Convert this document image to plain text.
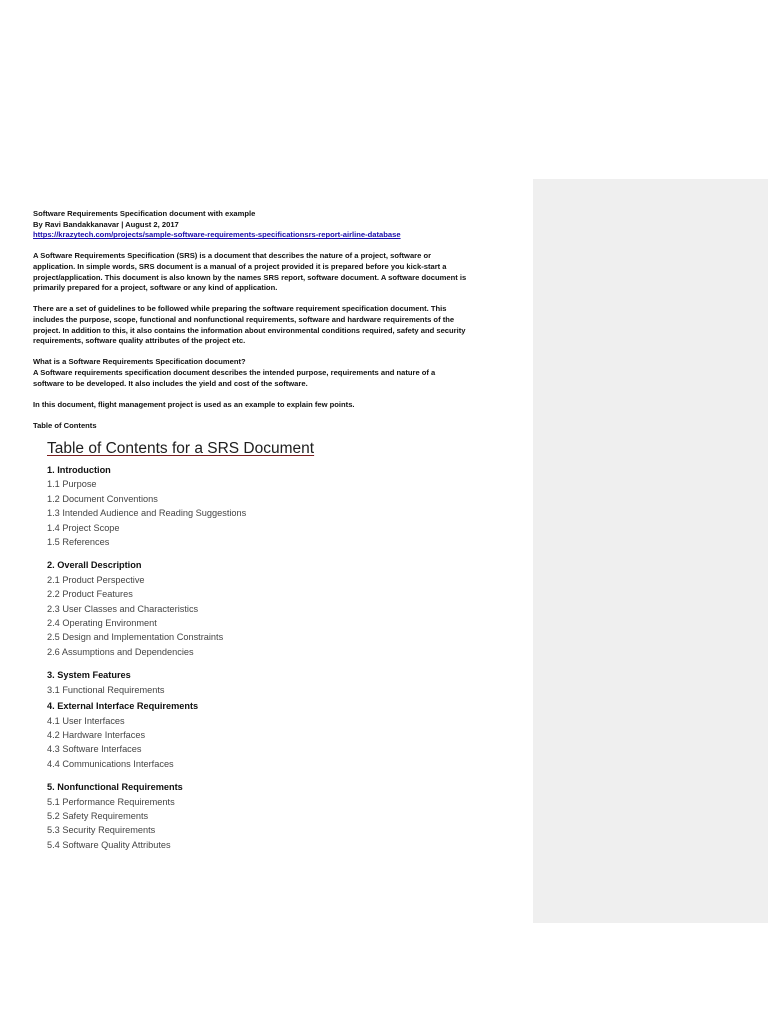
Software Requirements Specification document with example

By Ravi Bandakkanavar | August 2, 2017

https://krazytech.com/projects/sample-software-requirements-specificationsrs-report-airline-database

A Software Requirements Specification (SRS) is a document that describes the nature of a project, software or

application. In simple words, SRS document is a manual of a project provided it is prepared before you kick-start a

project/application. This document is also known by the names SRS report, software document. A software document is

primarily prepared for a project, software or any kind of application.

There are a set of guidelines to be followed while preparing the software requirement specification document. This

includes the purpose, scope, functional and nonfunctional requirements, software and hardware requirements of the

project. In addition to this, it also contains the information about environmental conditions required, safety and security

requirements, software quality attributes of the project etc.

What is a Software Requirements Specification document?

A Software requirements specification document describes the intended purpose, requirements and nature of a

software to be developed. It also includes the yield and cost of the software.

In this document, flight management project is used as an example to explain few points.

Table of Contents

Table of Contents for a SRS Document

1. Introduction

1.1 Purpose

1.2 Document Conventions

1.3 Intended Audience and Reading Suggestions

1.4 Project Scope

1.5 References

2. Overall Description

2.1 Product Perspective

2.2 Product Features

2.3 User Classes and Characteristics

2.4 Operating Environment

2.5 Design and Implementation Constraints

2.6 Assumptions and Dependencies

3. System Features

3.1 Functional Requirements

4. External Interface Requirements

4.1 User Interfaces

4.2 Hardware Interfaces

4.3 Software Interfaces

4.4 Communications Interfaces

5. Nonfunctional Requirements

5.1 Performance Requirements

5.2 Safety Requirements

5.3 Security Requirements

5.4 Software Quality Attributes
